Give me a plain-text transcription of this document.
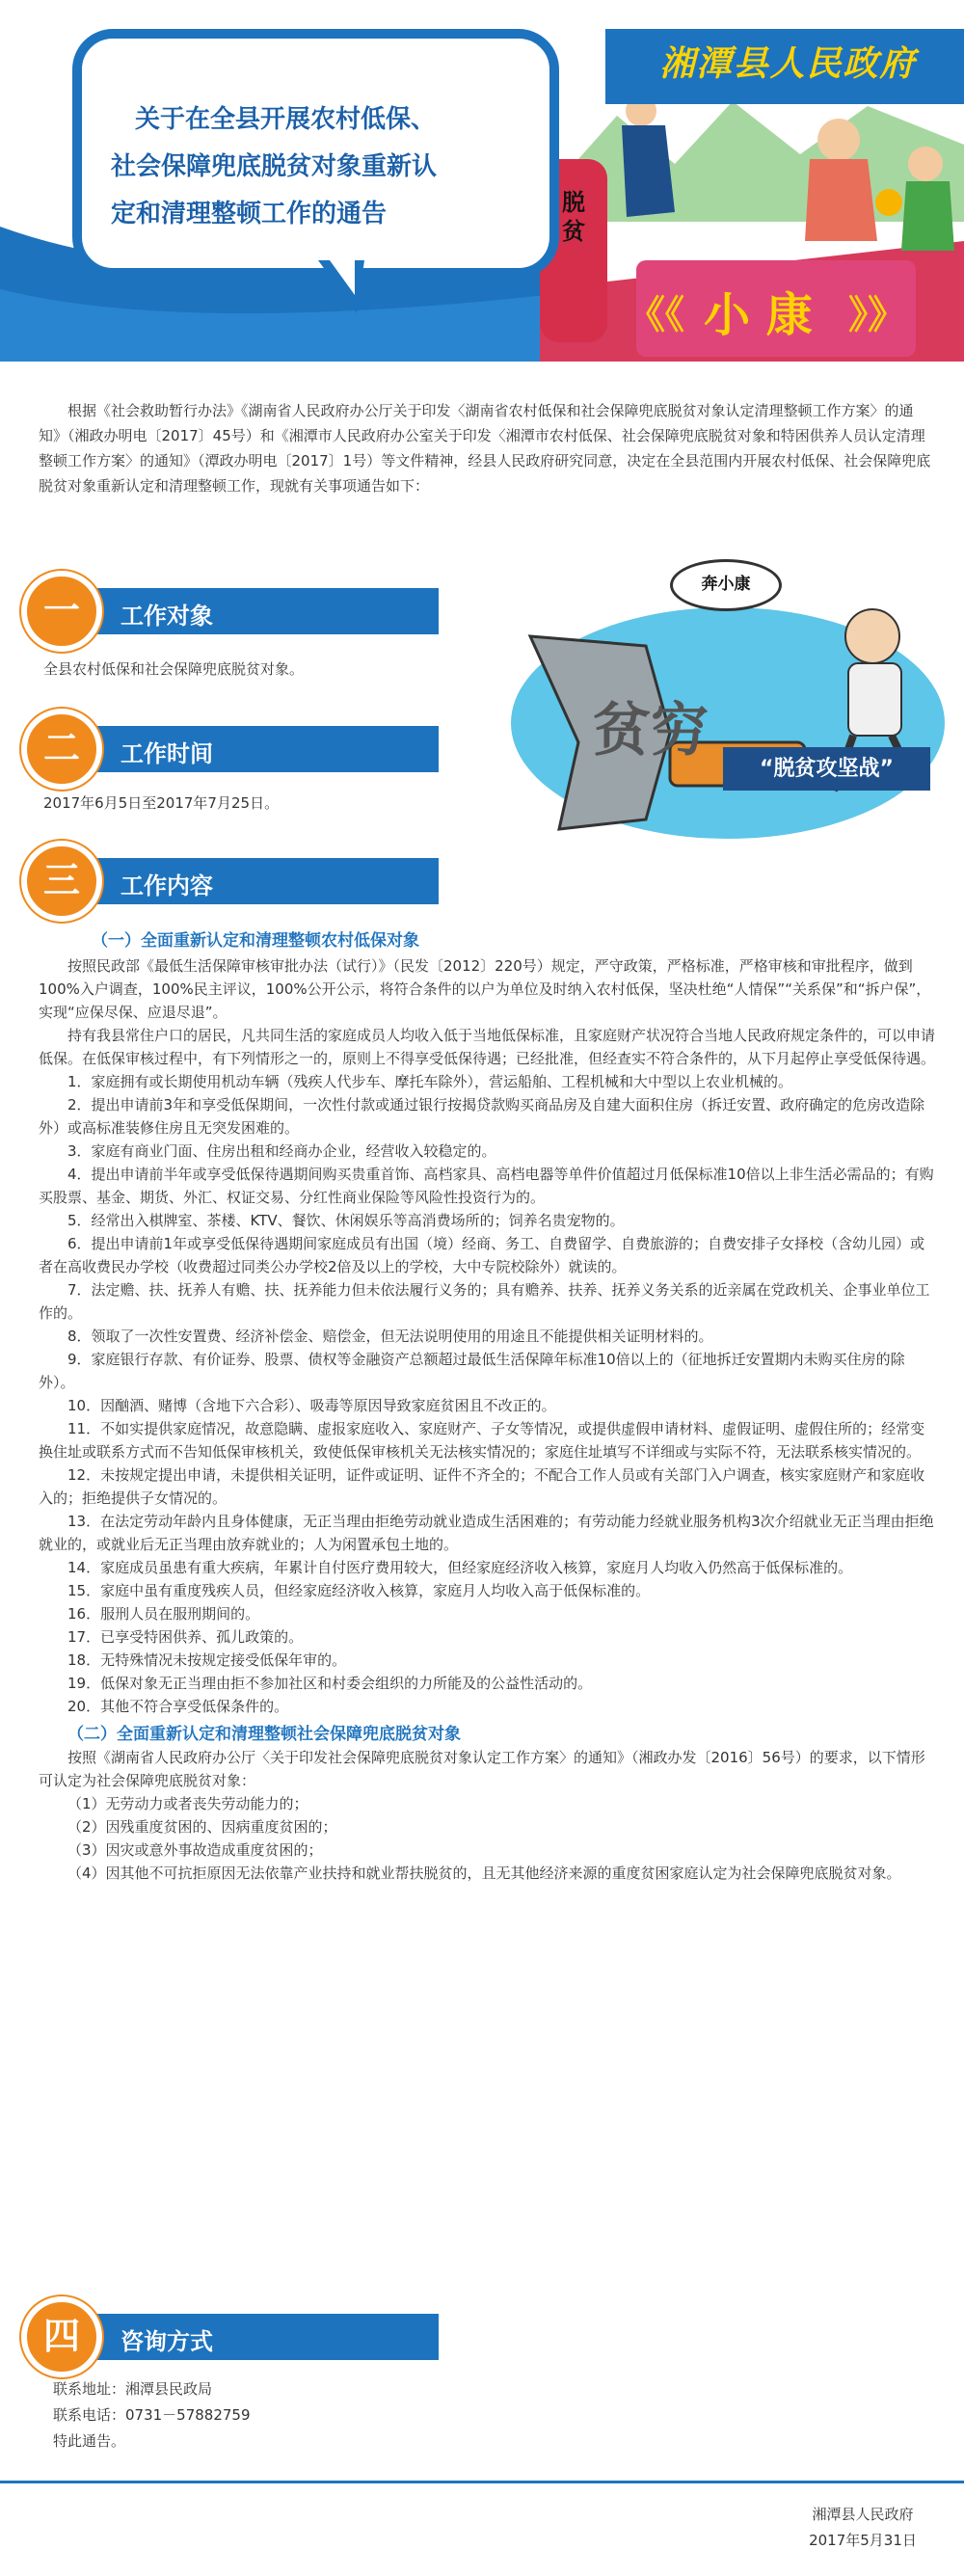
关于在全县开展农村低保、
社会保障兜底脱贫对象重新认
定和清理整顿工作的通告
湘潭县人民政府
脱贫
《《 小 康 》》
根据《社会救助暂行办法》《湖南省人民政府办公厅关于印发〈湖南省农村低保和社会保障兜底脱贫对象认定清理整顿工作方案〉的通知》（湘政办明电〔2017〕45号）和《湘潭市人民政府办公室关于印发〈湘潭市农村低保、社会保障兜底脱贫对象和特困供养人员认定清理整顿工作方案〉的通知》（潭政办明电〔2017〕1号）等文件精神，经县人民政府研究同意，决定在全县范围内开展农村低保、社会保障兜底脱贫对象重新认定和清理整顿工作，现就有关事项通告如下：
一	工作对象
全县农村低保和社会保障兜底脱贫对象。
二	工作时间
2017年6月5日至2017年7月25日。
贫穷
奔小康
“脱贫攻坚战”
三	工作内容
（一）全面重新认定和清理整顿农村低保对象

按照民政部《最低生活保障审核审批办法（试行）》（民发〔2012〕220号）规定，严守政策，严格标准，严格审核和审批程序，做到100%入户调查，100%民主评议，100%公开公示，将符合条件的以户为单位及时纳入农村低保，坚决杜绝“人情保”“关系保”和“拆户保”，实现“应保尽保、应退尽退”。

持有我县常住户口的居民，凡共同生活的家庭成员人均收入低于当地低保标准，且家庭财产状况符合当地人民政府规定条件的，可以申请低保。在低保审核过程中，有下列情形之一的，原则上不得享受低保待遇；已经批准，但经查实不符合条件的，从下月起停止享受低保待遇。

1．家庭拥有或长期使用机动车辆（残疾人代步车、摩托车除外），营运船舶、工程机械和大中型以上农业机械的。

2．提出申请前3年和享受低保期间，一次性付款或通过银行按揭贷款购买商品房及自建大面积住房（拆迁安置、政府确定的危房改造除外）或高标准装修住房且无突发困难的。

3．家庭有商业门面、住房出租和经商办企业，经营收入较稳定的。

4．提出申请前半年或享受低保待遇期间购买贵重首饰、高档家具、高档电器等单件价值超过月低保标准10倍以上非生活必需品的；有购买股票、基金、期货、外汇、权证交易、分红性商业保险等风险性投资行为的。

5．经常出入棋牌室、茶楼、KTV、餐饮、休闲娱乐等高消费场所的；饲养名贵宠物的。

6．提出申请前1年或享受低保待遇期间家庭成员有出国（境）经商、务工、自费留学、自费旅游的；自费安排子女择校（含幼儿园）或者在高收费民办学校（收费超过同类公办学校2倍及以上的学校，大中专院校除外）就读的。

7．法定赡、扶、抚养人有赡、扶、抚养能力但未依法履行义务的；具有赡养、扶养、抚养义务关系的近亲属在党政机关、企事业单位工作的。

8．领取了一次性安置费、经济补偿金、赔偿金，但无法说明使用的用途且不能提供相关证明材料的。

9．家庭银行存款、有价证券、股票、债权等金融资产总额超过最低生活保障年标准10倍以上的（征地拆迁安置期内未购买住房的除外）。

10．因酗酒、赌博（含地下六合彩）、吸毒等原因导致家庭贫困且不改正的。

11．不如实提供家庭情况，故意隐瞒、虚报家庭收入、家庭财产、子女等情况，或提供虚假申请材料、虚假证明、虚假住所的；经常变换住址或联系方式而不告知低保审核机关，致使低保审核机关无法核实情况的；家庭住址填写不详细或与实际不符，无法联系核实情况的。

12．未按规定提出申请，未提供相关证明，证件或证明、证件不齐全的；不配合工作人员或有关部门入户调查，核实家庭财产和家庭收入的；拒绝提供子女情况的。

13．在法定劳动年龄内且身体健康，无正当理由拒绝劳动就业造成生活困难的；有劳动能力经就业服务机构3次介绍就业无正当理由拒绝就业的，或就业后无正当理由放弃就业的；人为闲置承包土地的。

14．家庭成员虽患有重大疾病，年累计自付医疗费用较大，但经家庭经济收入核算，家庭月人均收入仍然高于低保标准的。

15．家庭中虽有重度残疾人员，但经家庭经济收入核算，家庭月人均收入高于低保标准的。

16．服刑人员在服刑期间的。

17．已享受特困供养、孤儿政策的。

18．无特殊情况未按规定接受低保年审的。

19．低保对象无正当理由拒不参加社区和村委会组织的力所能及的公益性活动的。

20．其他不符合享受低保条件的。

（二）全面重新认定和清理整顿社会保障兜底脱贫对象

按照《湖南省人民政府办公厅〈关于印发社会保障兜底脱贫对象认定工作方案〉的通知》（湘政办发〔2016〕56号）的要求，以下情形可认定为社会保障兜底脱贫对象：

（1）无劳动力或者丧失劳动能力的；

（2）因残重度贫困的、因病重度贫困的；

（3）因灾或意外事故造成重度贫困的；

（4）因其他不可抗拒原因无法依靠产业扶持和就业帮扶脱贫的，且无其他经济来源的重度贫困家庭认定为社会保障兜底脱贫对象。

四	咨询方式
联系地址：湘潭县民政局
联系电话：0731－57882759
特此通告。
湘潭县人民政府
2017年5月31日
